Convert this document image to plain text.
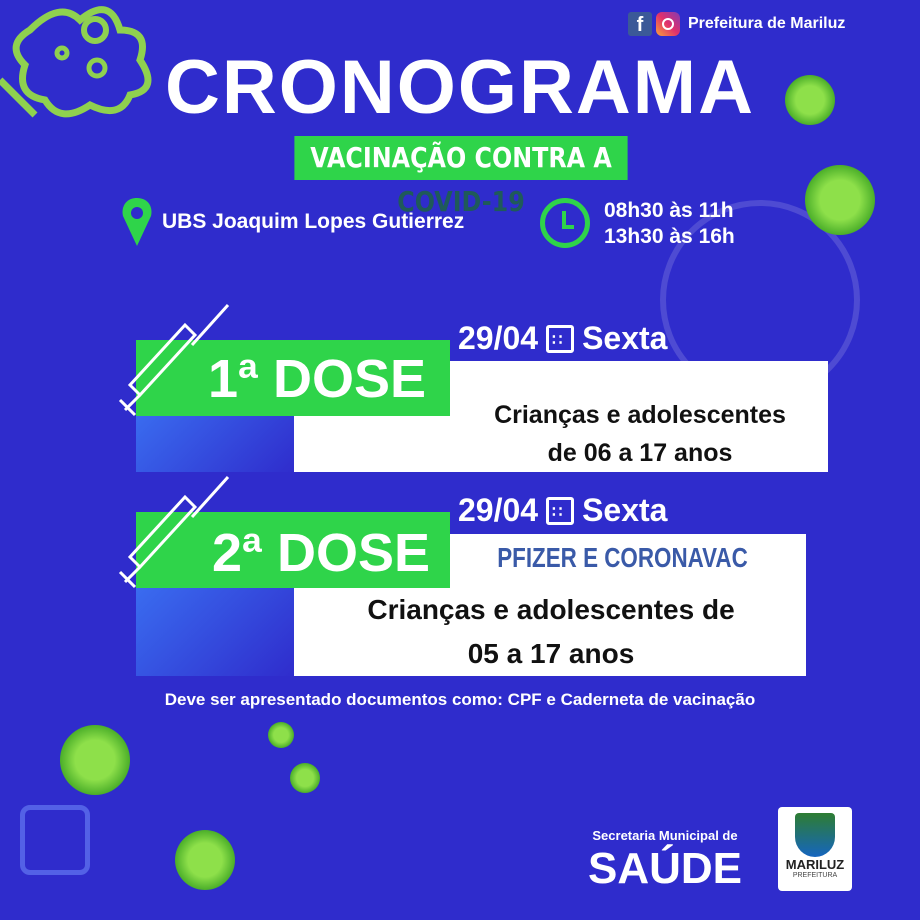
f	Prefeitura de Mariluz
CRONOGRAMA
VACINAÇÃO CONTRA A COVID-19
UBS Joaquim Lopes Gutierrez	08h30 às 11h
13h30 às 16h
1ª DOSE
29/04 ∷ Sexta
Crianças e adolescentes
de 06 a 17 anos
2ª DOSE
29/04 ∷ Sexta
PFIZER E CORONAVAC
Crianças e adolescentes de
05 a 17 anos
Deve ser apresentado documentos como: CPF e Caderneta de vacinação
Secretaria Municipal de
SAÚDE	MARILUZ
PREFEITURA
